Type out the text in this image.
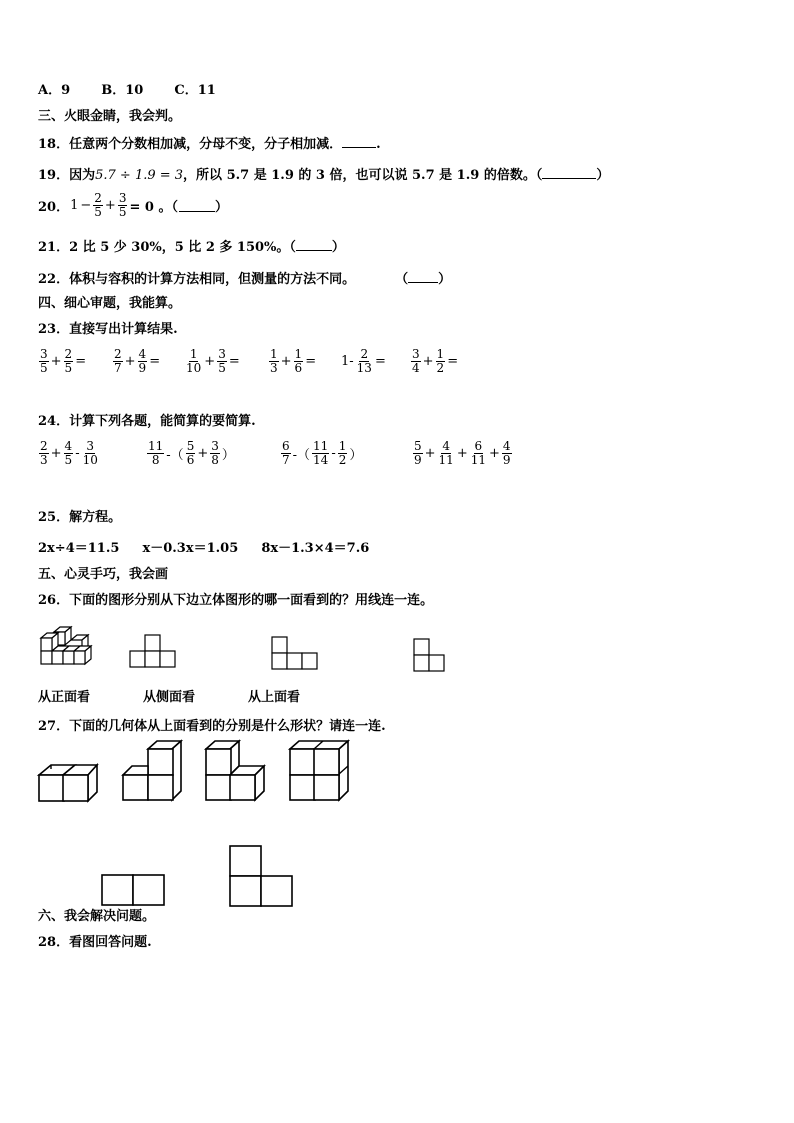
A．9 B．10 C．11
三、火眼金睛，我会判。
18．任意两个分数相加减，分母不变，分子相加减．	.
19．因为5.7 ÷ 1.9 = 3，所以 5.7 是 1.9 的 3 倍，也可以说 5.7 是 1.9 的倍数。（	）
20． $1 - \frac{2}{5} + \frac{3}{5} = 0$ 。（	）
21．2 比 5 少 30%，5 比 2 多 150%。（	）
22．体积与容积的计算方法相同，但测量的方法不同。	（ ）
四、细心审题，我能算。
23．直接写出计算结果.
$\frac{3}{5} + \frac{2}{5} = \frac{2}{7} + \frac{4}{9} = \frac{1}{10} + \frac{3}{5} = \frac{1}{3} + \frac{1}{6} = 1- \frac{2}{13} = \frac{3}{4} + \frac{1}{2}$ =
24．计算下列各题，能简算的要简算.
$\frac{2}{3} + \frac{4}{5} - \frac{3}{10}$	$\frac{11}{8}$ -（ $\frac{5}{6} + \frac{3}{8}$ ）	$\frac{6}{7}$ -（ $\frac{11}{14} - \frac{1}{2}$ ）	$\frac{5}{9} + \frac{4}{11} + \frac{6}{11} + \frac{4}{9}$
25．解方程。
2x÷4＝11.5 x－0.3x＝1.05 8x－1.3×4＝7.6
五、心灵手巧，我会画
26．下面的图形分别从下边立体图形的哪一面看到的？用线连一连。
从正面看	从侧面看	从上面看
27．下面的几何体从上面看到的分别是什么形状？请连一连.
六、我会解决问题。
28．看图回答问题.
